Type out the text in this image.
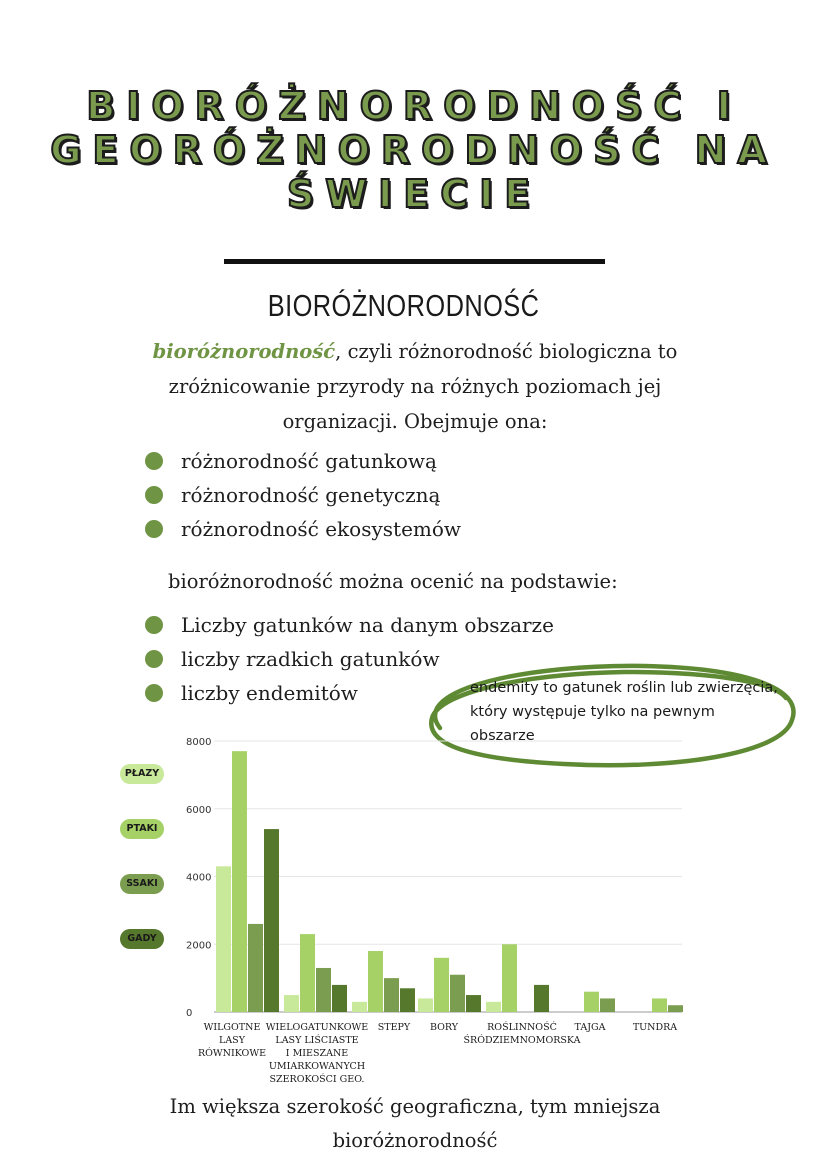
BIORÓŻNORODNOŚĆ I
GEORÓŻNORODNOŚĆ NA
ŚWIECIE
BIORÓŻNORODNOŚĆ

bioróżnorodność, czyli różnorodność biologiczna to zróżnicowanie przyrody na różnych poziomach jej organizacji. Obejmuje ona:

różnorodność gatunkową
różnorodność genetyczną
różnorodność ekosystemów

bioróżnorodność można ocenić na podstawie:

Liczby gatunków na danym obszarze
liczby rzadkich gatunków
liczby endemitów	endemity to gatunek roślin lub zwierzęcia, który występuje tylko na pewnym obszarze

PŁAZY
PTAKI
SSAKI
GADY
0
2000
4000
6000
8000
WILGOTNE
LASY
RÓWNIKOWE
WIELOGATUNKOWE
LASY LIŚCIASTE
I MIESZANE
UMIARKOWANYCH
SZEROKOŚCI GEO.
STEPY BORY	ROŚLINNOŚĆ
ŚRÓDZIEMNOMORSKA
TAJGA	TUNDRA

Im większa szerokość geograficzna, tym mniejsza bioróżnorodność
